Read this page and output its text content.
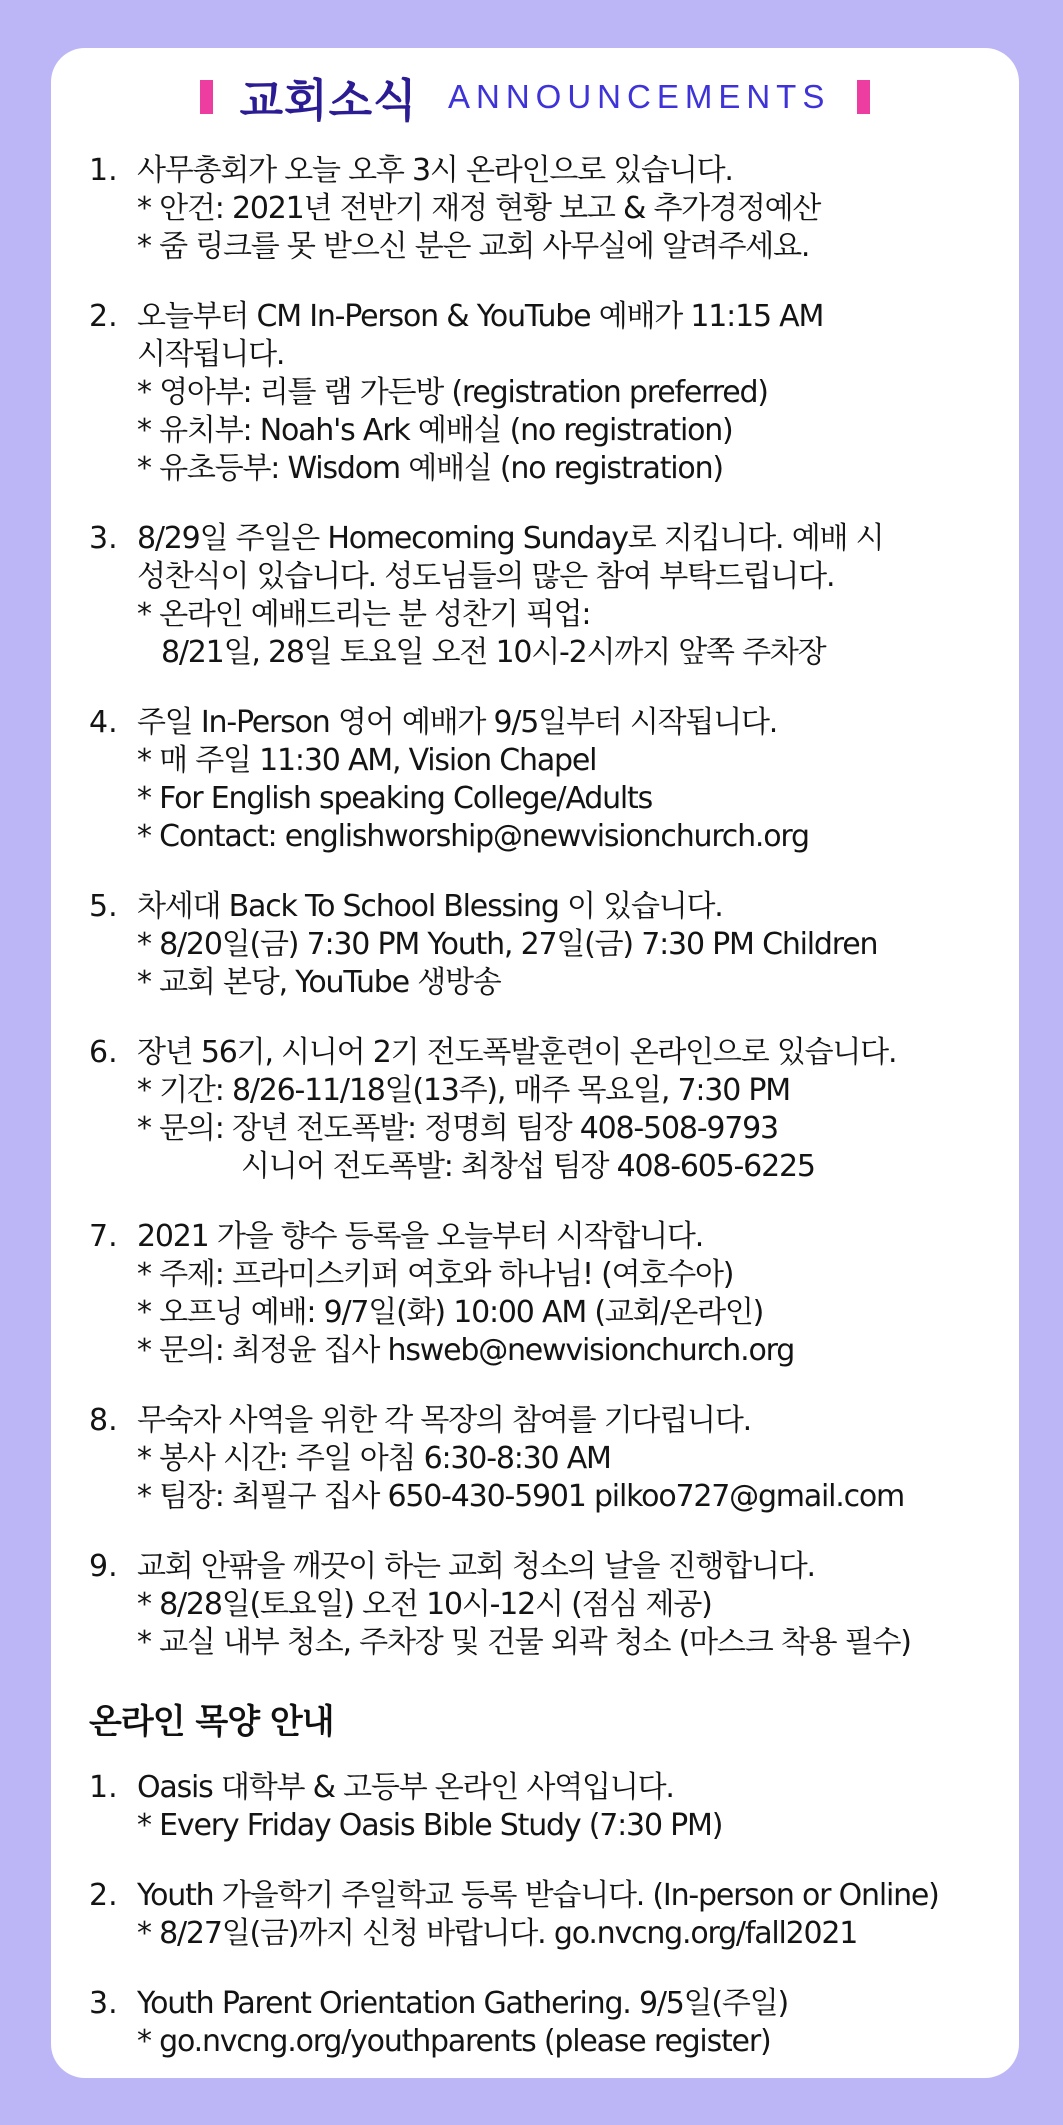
교회소식 ANNOUNCEMENTS
1. 사무총회가 오늘 오후 3시 온라인으로 있습니다.
* 안건: 2021년 전반기 재정 현황 보고 & 추가경정예산
* 줌 링크를 못 받으신 분은 교회 사무실에 알려주세요.
2. 오늘부터 CM In-Person & YouTube 예배가 11:15 AM
시작됩니다.
* 영아부: 리틀 램 가든방 (registration preferred)
* 유치부: Noah's Ark 예배실 (no registration)
* 유초등부: Wisdom 예배실 (no registration)
3. 8/29일 주일은 Homecoming Sunday로 지킵니다. 예배 시
성찬식이 있습니다. 성도님들의 많은 참여 부탁드립니다.
* 온라인 예배드리는 분 성찬기 픽업:
8/21일, 28일 토요일 오전 10시-2시까지 앞쪽 주차장
4. 주일 In-Person 영어 예배가 9/5일부터 시작됩니다.
* 매 주일 11:30 AM, Vision Chapel
* For English speaking College/Adults
* Contact: englishworship@newvisionchurch.org
5. 차세대 Back To School Blessing 이 있습니다.
* 8/20일(금) 7:30 PM Youth, 27일(금) 7:30 PM Children
* 교회 본당, YouTube 생방송
6. 장년 56기, 시니어 2기 전도폭발훈련이 온라인으로 있습니다.
* 기간: 8/26-11/18일(13주), 매주 목요일, 7:30 PM
* 문의: 장년 전도폭발: 정명희 팀장 408-508-9793
시니어 전도폭발: 최창섭 팀장 408-605-6225
7. 2021 가을 향수 등록을 오늘부터 시작합니다.
* 주제: 프라미스키퍼 여호와 하나님! (여호수아)
* 오프닝 예배: 9/7일(화) 10:00 AM (교회/온라인)
* 문의: 최정윤 집사 hsweb@newvisionchurch.org
8. 무숙자 사역을 위한 각 목장의 참여를 기다립니다.
* 봉사 시간: 주일 아침 6:30-8:30 AM
* 팀장: 최필구 집사 650-430-5901 pilkoo727@gmail.com
9. 교회 안팎을 깨끗이 하는 교회 청소의 날을 진행합니다.
* 8/28일(토요일) 오전 10시-12시 (점심 제공)
* 교실 내부 청소, 주차장 및 건물 외곽 청소 (마스크 착용 필수)
온라인 목양 안내
1. Oasis 대학부 & 고등부 온라인 사역입니다.
* Every Friday Oasis Bible Study (7:30 PM)
2. Youth 가을학기 주일학교 등록 받습니다. (In-person or Online)
* 8/27일(금)까지 신청 바랍니다. go.nvcng.org/fall2021
3. Youth Parent Orientation Gathering. 9/5일(주일)
* go.nvcng.org/youthparents (please register)
